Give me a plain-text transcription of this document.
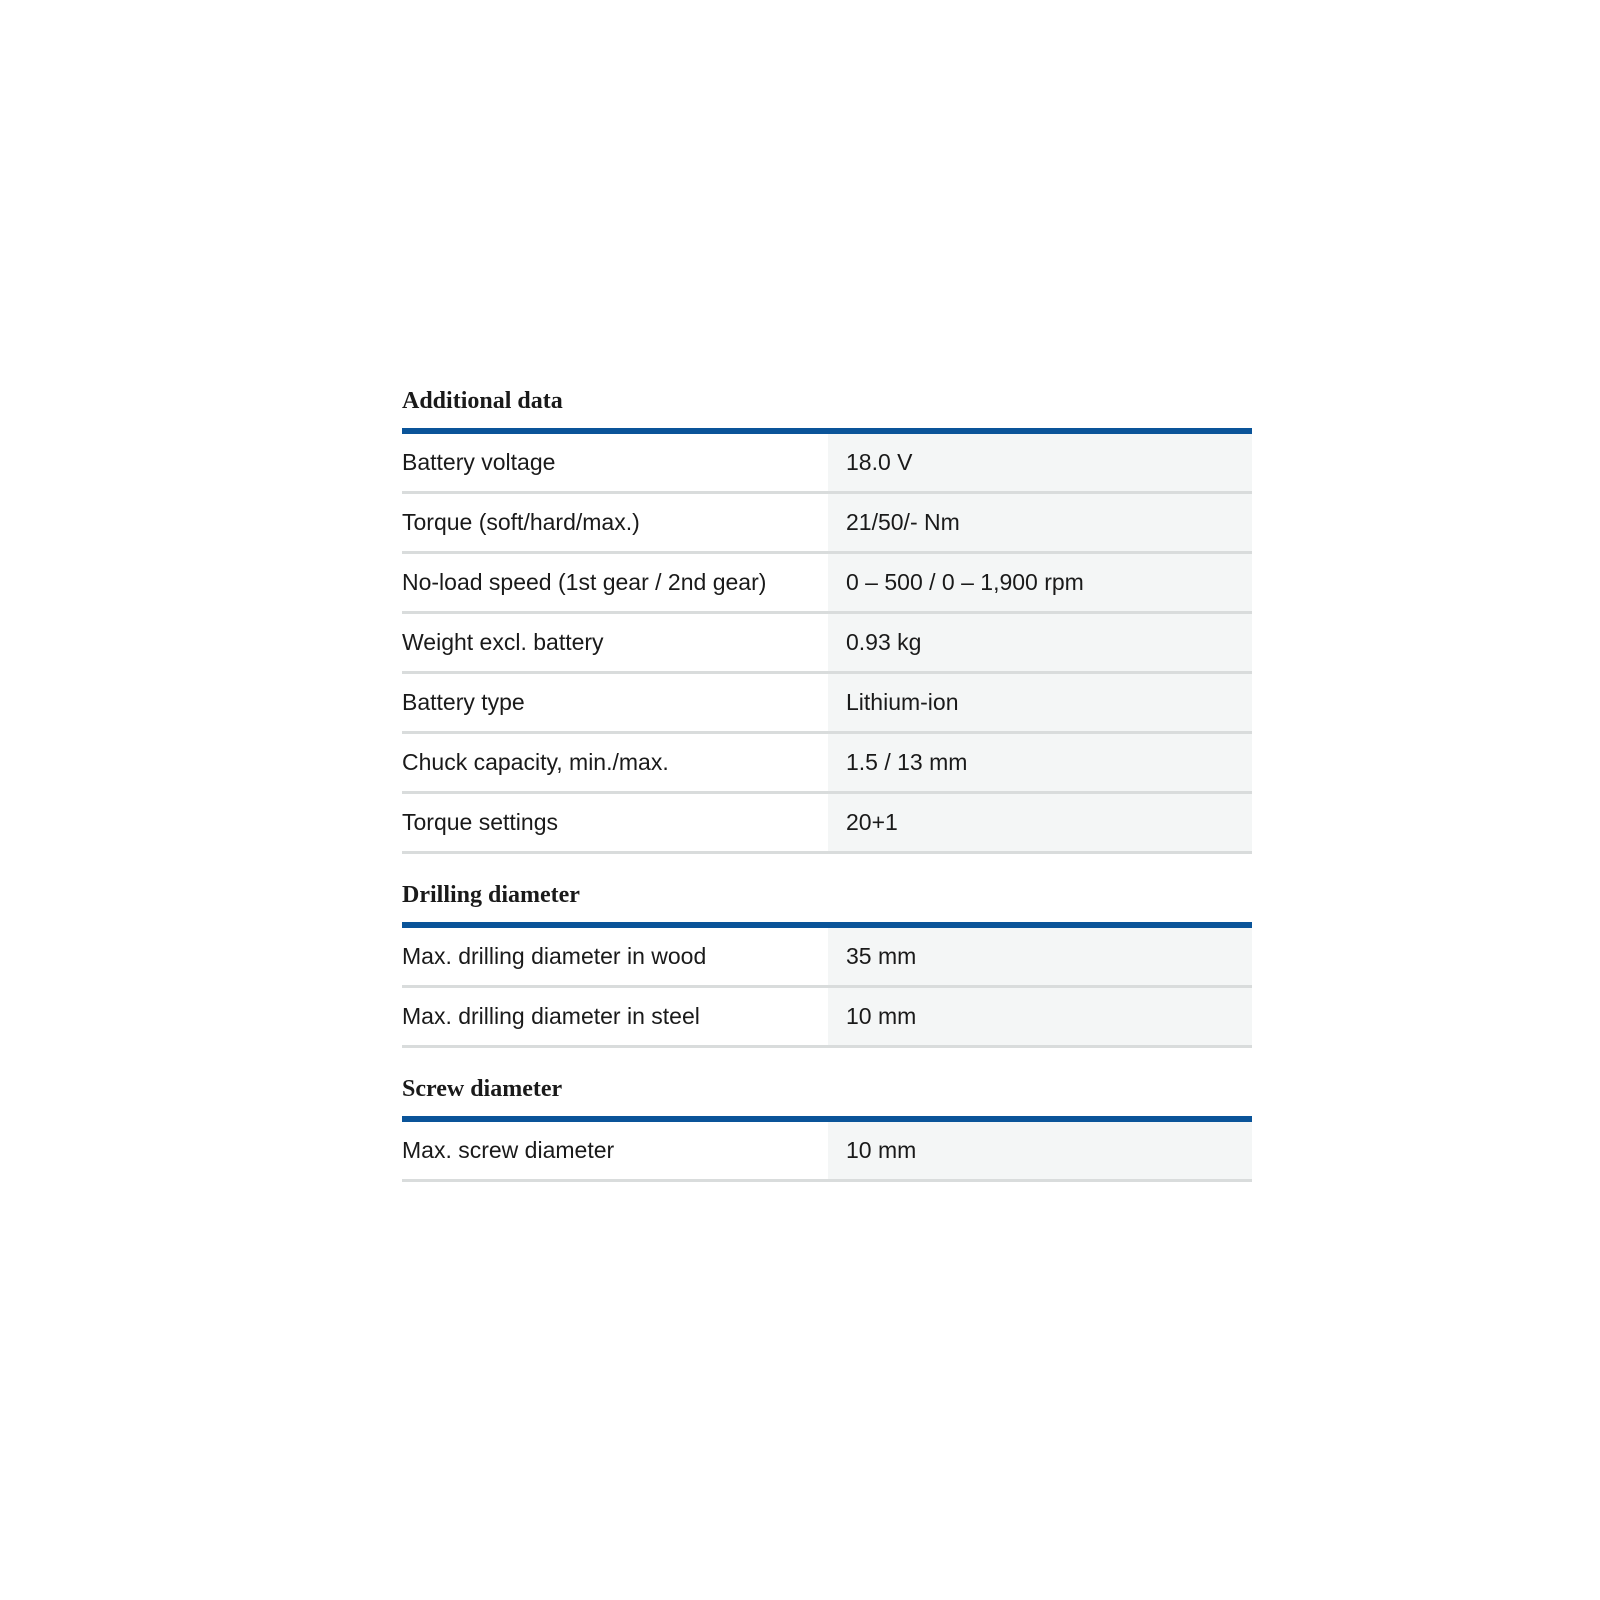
Additional data
Battery voltage	18.0 V
Torque (soft/hard/max.)	21/50/- Nm
No-load speed (1st gear / 2nd gear)	0 – 500 / 0 – 1,900 rpm
Weight excl. battery	0.93 kg
Battery type	Lithium-ion
Chuck capacity, min./max.	1.5 / 13 mm
Torque settings	20+1
Drilling diameter
Max. drilling diameter in wood	35 mm
Max. drilling diameter in steel	10 mm
Screw diameter
Max. screw diameter	10 mm
